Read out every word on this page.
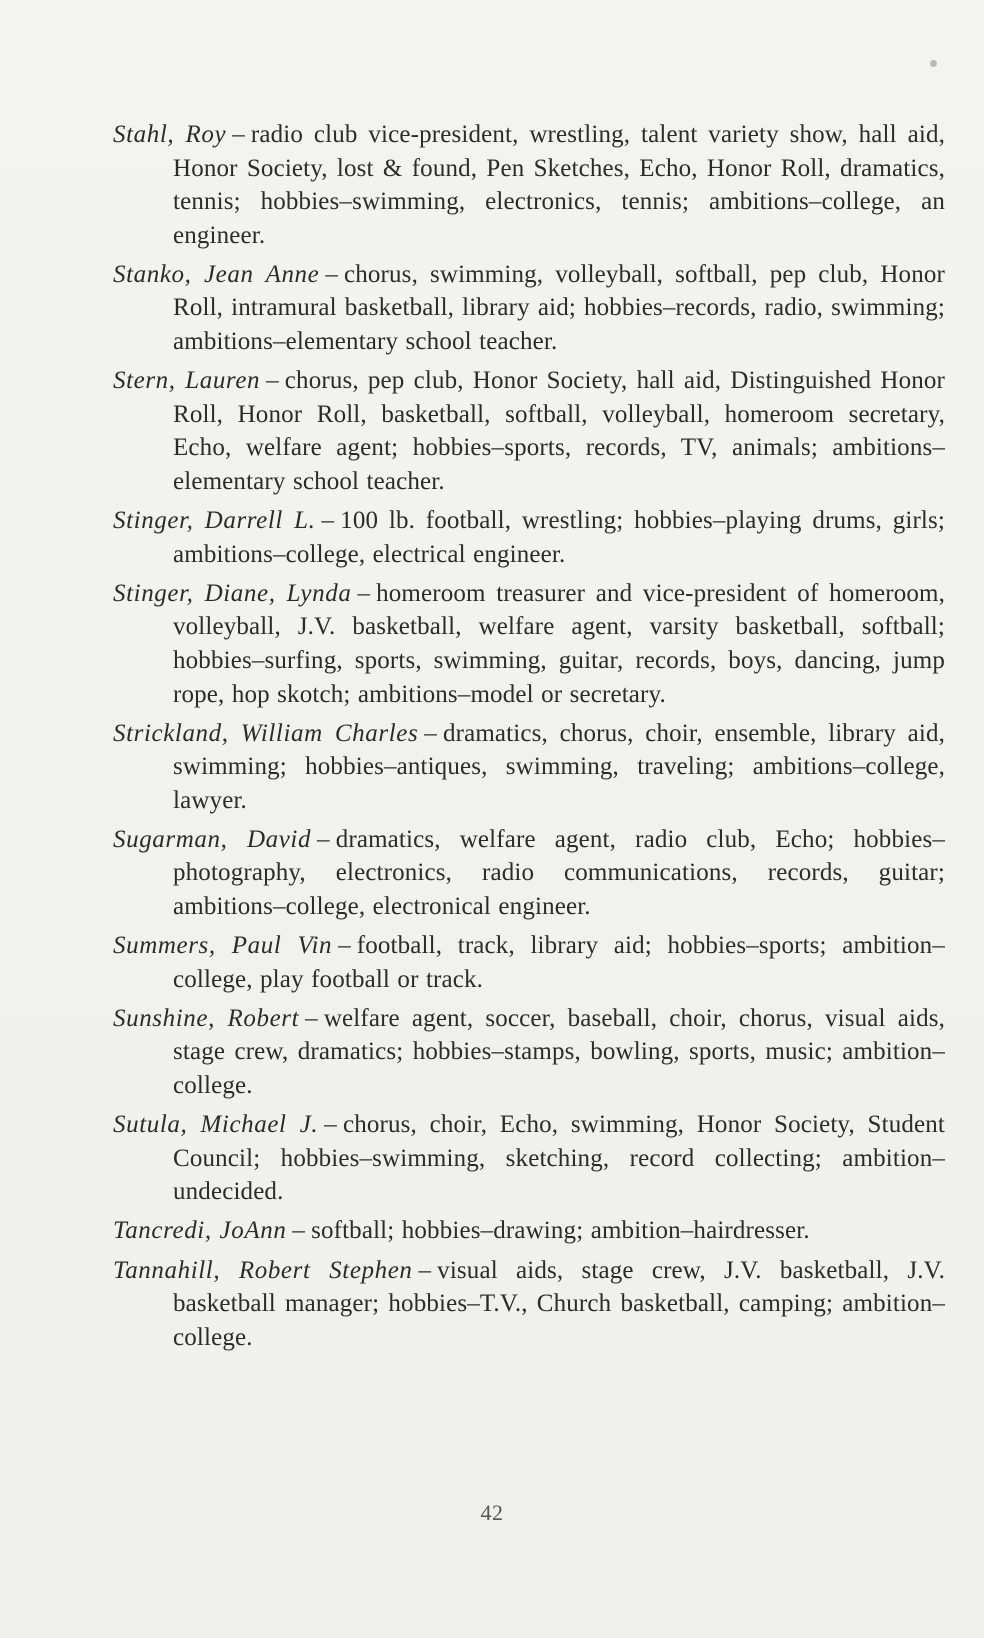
Stahl, Roy – radio club vice-president, wrestling, talent variety show, hall aid, Honor Society, lost & found, Pen Sketches, Echo, Honor Roll, dramatics, tennis; hobbies–swimming, electronics, tennis; ambitions–college, an engineer.

Stanko, Jean Anne – chorus, swimming, volleyball, softball, pep club, Honor Roll, intramural basketball, library aid; hobbies–records, radio, swimming; ambitions–elementary school teacher.

Stern, Lauren – chorus, pep club, Honor Society, hall aid, Distinguished Honor Roll, Honor Roll, basketball, softball, volleyball, homeroom secretary, Echo, welfare agent; hobbies–sports, records, TV, animals; ambitions–elementary school teacher.

Stinger, Darrell L. – 100 lb. football, wrestling; hobbies–playing drums, girls; ambitions–college, electrical engineer.

Stinger, Diane, Lynda – homeroom treasurer and vice-president of homeroom, volleyball, J.V. basketball, welfare agent, varsity basketball, softball; hobbies–surfing, sports, swimming, guitar, records, boys, dancing, jump rope, hop skotch; ambitions–model or secretary.

Strickland, William Charles – dramatics, chorus, choir, ensemble, library aid, swimming; hobbies–antiques, swimming, traveling; ambitions–college, lawyer.

Sugarman, David – dramatics, welfare agent, radio club, Echo; hobbies–photography, electronics, radio communications, records, guitar; ambitions–college, electronical engineer.

Summers, Paul Vin – football, track, library aid; hobbies–sports; ambition–college, play football or track.

Sunshine, Robert – welfare agent, soccer, baseball, choir, chorus, visual aids, stage crew, dramatics; hobbies–stamps, bowling, sports, music; ambition–college.

Sutula, Michael J. – chorus, choir, Echo, swimming, Honor Society, Student Council; hobbies–swimming, sketching, record collecting; ambition–undecided.

Tancredi, JoAnn – softball; hobbies–drawing; ambition–hairdresser.

Tannahill, Robert Stephen – visual aids, stage crew, J.V. basketball, J.V. basketball manager; hobbies–T.V., Church basketball, camping; ambition–college.

42
